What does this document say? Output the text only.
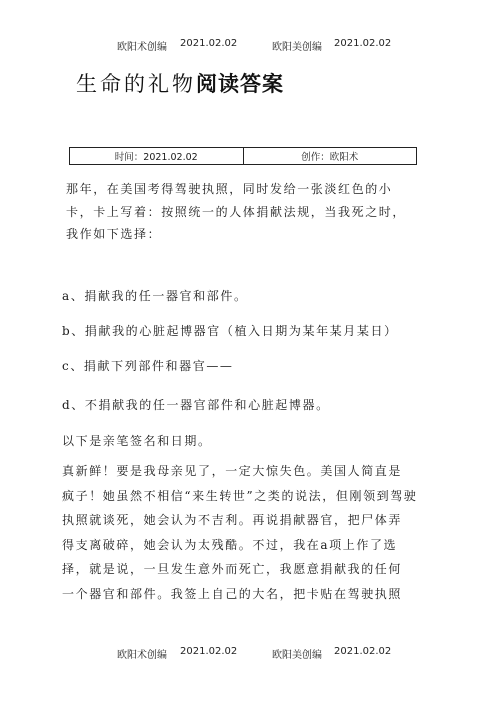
欧阳术创编 2021.02.02	欧阳美创编 2021.02.02
生命的礼物阅读答案
时间：2021.02.02	创作：欧阳术
那年，在美国考得驾驶执照，同时发给一张淡红色的小
卡，卡上写着：按照统一的人体捐献法规，当我死之时，
我作如下选择：
a、捐献我的任一器官和部件。
b、捐献我的心脏起博器官（植入日期为某年某月某日）
c、捐献下列部件和器官——
d、不捐献我的任一器官部件和心脏起博器。
以下是亲笔签名和日期。
真新鲜！要是我母亲见了，一定大惊失色。美国人简直是
疯子！她虽然不相信“来生转世”之类的说法，但刚领到驾驶
执照就谈死，她会认为不吉利。再说捐献器官，把尸体弄
得支离破碎，她会认为太残酷。不过，我在a项上作了选
择，就是说，一旦发生意外而死亡，我愿意捐献我的任何
一个器官和部件。我签上自己的大名，把卡贴在驾驶执照
欧阳术创编 2021.02.02	欧阳美创编 2021.02.02
